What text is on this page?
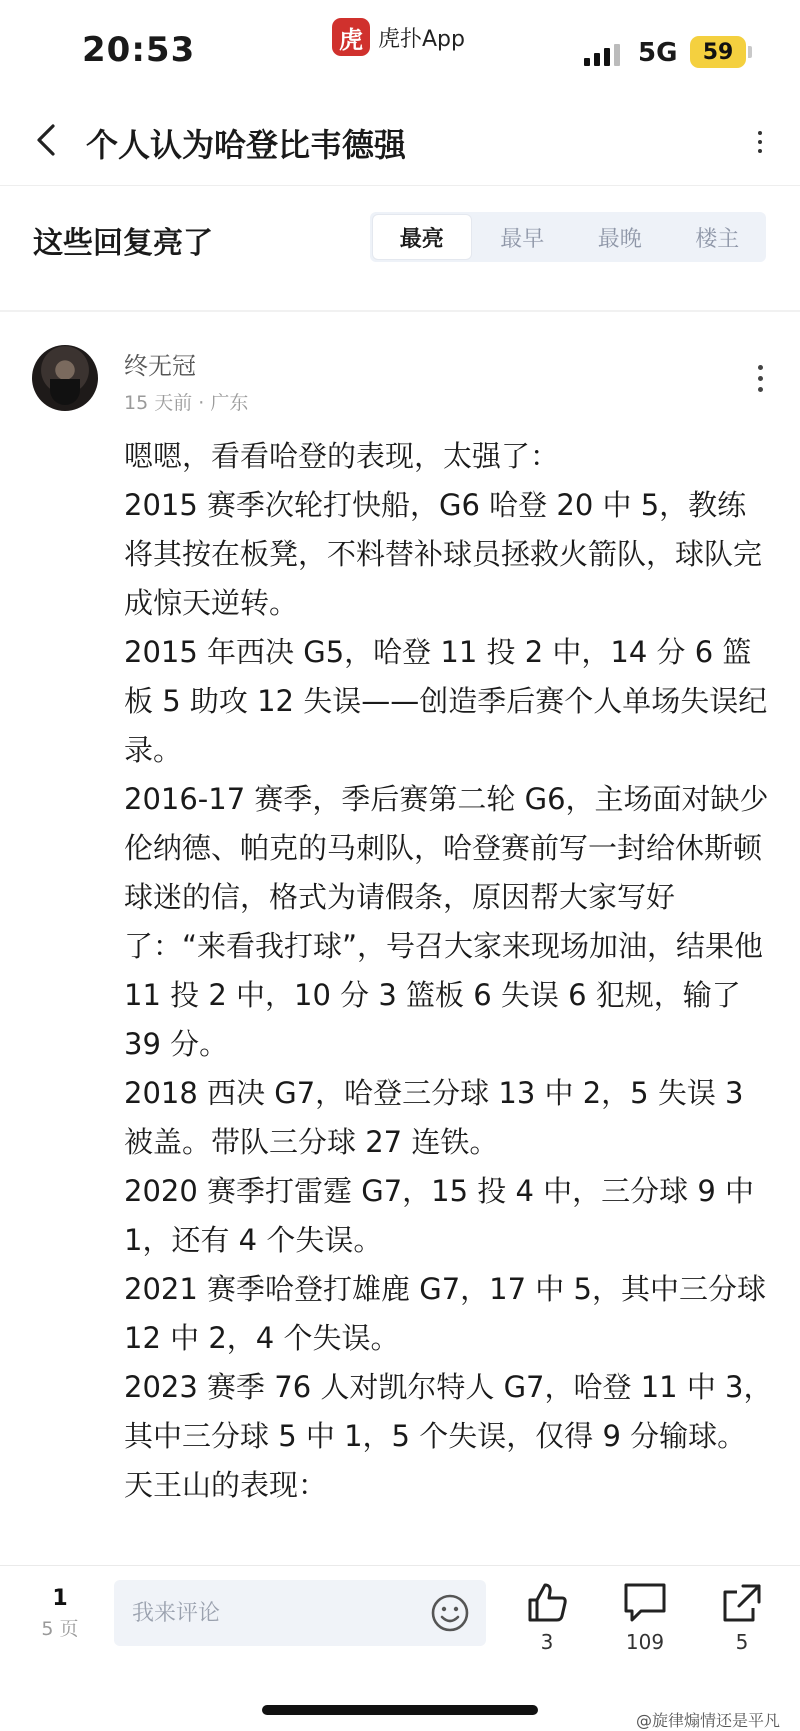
20:53	虎 虎扑App	5G	59
个人认为哈登比韦德强
这些回复亮了	最亮	最早	最晚	楼主
终无冠
15 天前 · 广东

嗯嗯，看看哈登的表现，太强了：

2015 赛季次轮打快船，G6 哈登 20 中 5，教练将其按在板凳，不料替补球员拯救火箭队，球队完成惊天逆转。

2015 年西决 G5，哈登 11 投 2 中，14 分 6 篮板 5 助攻 12 失误——创造季后赛个人单场失误纪录。

2016-17 赛季，季后赛第二轮 G6，主场面对缺少伦纳德、帕克的马刺队，哈登赛前写一封给休斯顿球迷的信，格式为请假条，原因帮大家写好了：“来看我打球”，号召大家来现场加油，结果他 11 投 2 中，10 分 3 篮板 6 失误 6 犯规，输了 39 分。

2018 西决 G7，哈登三分球 13 中 2，5 失误 3 被盖。带队三分球 27 连铁。

2020 赛季打雷霆 G7，15 投 4 中，三分球 9 中 1，还有 4 个失误。

2021 赛季哈登打雄鹿 G7，17 中 5，其中三分球 12 中 2，4 个失误。

2023 赛季 76 人对凯尔特人 G7，哈登 11 中 3，其中三分球 5 中 1，5 个失误，仅得 9 分输球。

天王山的表现：

1
5 页
我来评论
3	109	5
@旋律煽情还是平凡
